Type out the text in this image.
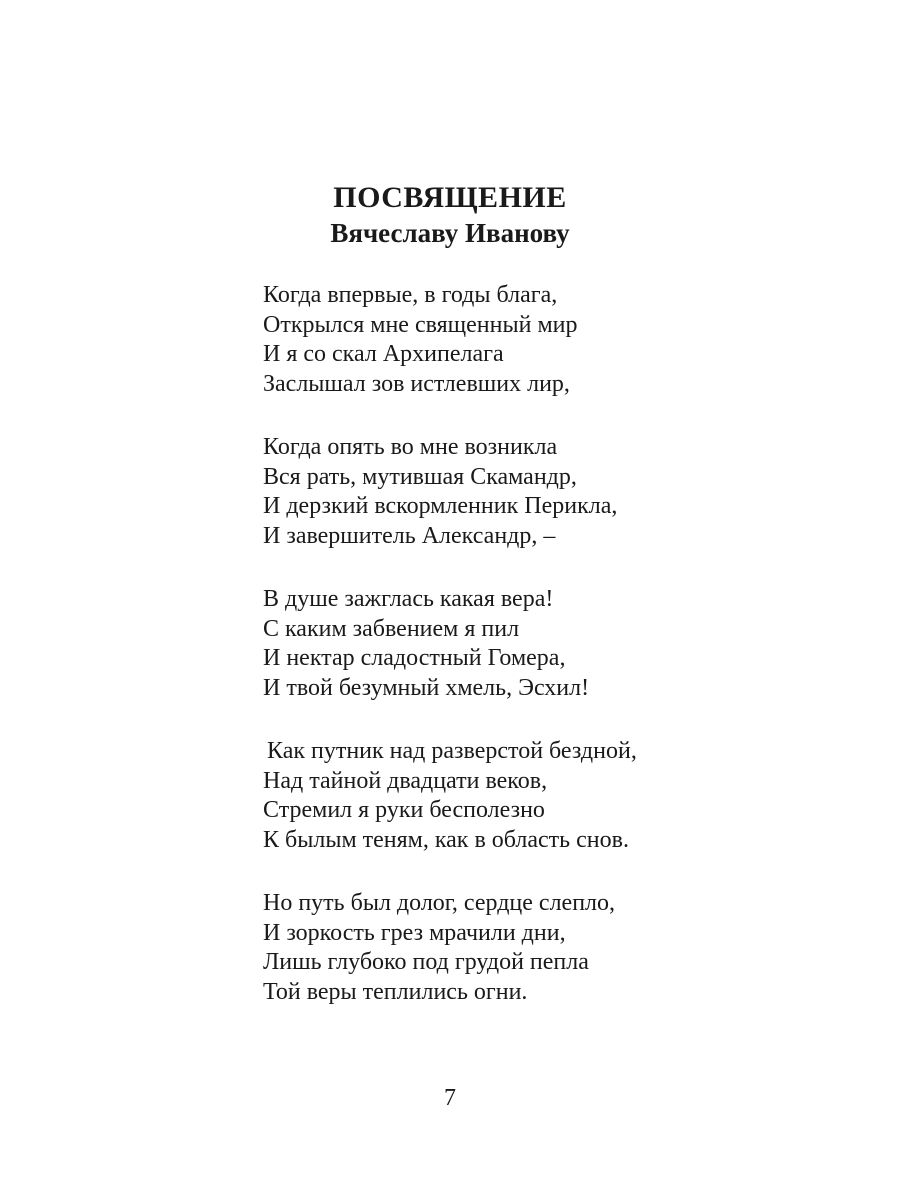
ПОСВЯЩЕНИЕ
Вячеславу Иванову
Когда впервые, в годы блага,
Открылся мне священный мир
И я со скал Архипелага
Заслышал зов истлевших лир,
Когда опять во мне возникла
Вся рать, мутившая Скамандр,
И дерзкий вскормленник Перикла,
И завершитель Александр, –
В душе зажглась какая вера!
С каким забвением я пил
И нектар сладостный Гомера,
И твой безумный хмель, Эсхил!
Как путник над разверстой бездной,
Над тайной двадцати веков,
Стремил я руки бесполезно
К былым теням, как в область снов.
Но путь был долог, сердце слепло,
И зоркость грез мрачили дни,
Лишь глубоко под грудой пепла
Той веры теплились огни.
7
